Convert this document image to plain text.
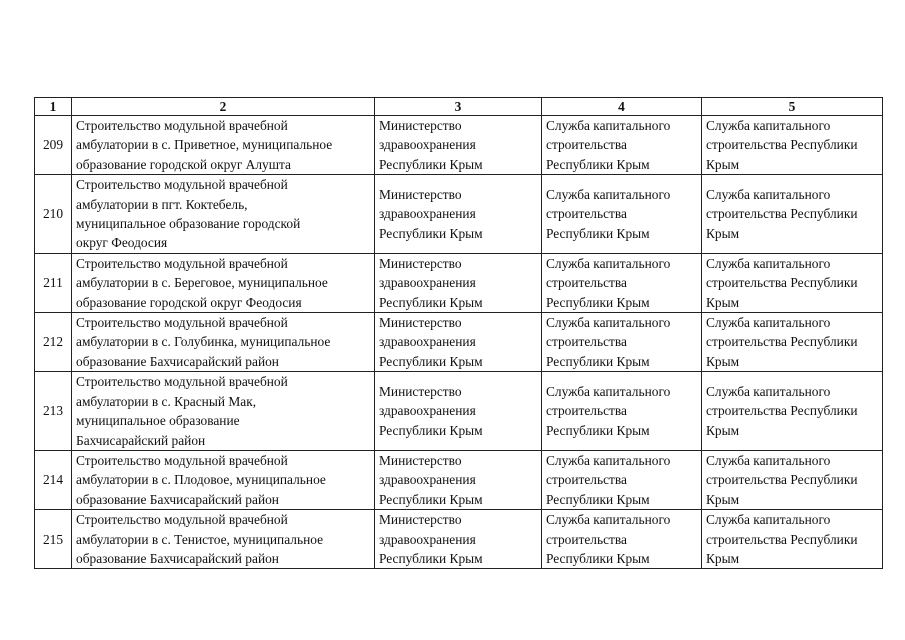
1	2	3	4	5
209	Строительство модульной врачебной
амбулатории в с. Приветное, муниципальное
образование городской округ Алушта	Министерство
здравоохранения
Республики Крым	Служба капитального
строительства
Республики Крым	Служба капитального
строительства Республики
Крым

210	Строительство модульной врачебной
амбулатории в пгт. Коктебель,
муниципальное образование городской
округ Феодосия	Министерство
здравоохранения
Республики Крым	Служба капитального
строительства
Республики Крым	Служба капитального
строительства Республики
Крым

211	Строительство модульной врачебной
амбулатории в с. Береговое, муниципальное
образование городской округ Феодосия	Министерство
здравоохранения
Республики Крым	Служба капитального
строительства
Республики Крым	Служба капитального
строительства Республики
Крым

212	Строительство модульной врачебной
амбулатории в с. Голубинка, муниципальное
образование Бахчисарайский район	Министерство
здравоохранения
Республики Крым	Служба капитального
строительства
Республики Крым	Служба капитального
строительства Республики
Крым

213	Строительство модульной врачебной
амбулатории в с. Красный Мак,
муниципальное образование
Бахчисарайский район	Министерство
здравоохранения
Республики Крым	Служба капитального
строительства
Республики Крым	Служба капитального
строительства Республики
Крым

214	Строительство модульной врачебной
амбулатории в с. Плодовое, муниципальное
образование Бахчисарайский район	Министерство
здравоохранения
Республики Крым	Служба капитального
строительства
Республики Крым	Служба капитального
строительства Республики
Крым

215	Строительство модульной врачебной
амбулатории в с. Тенистое, муниципальное
образование Бахчисарайский район	Министерство
здравоохранения
Республики Крым	Служба капитального
строительства
Республики Крым	Служба капитального
строительства Республики
Крым
